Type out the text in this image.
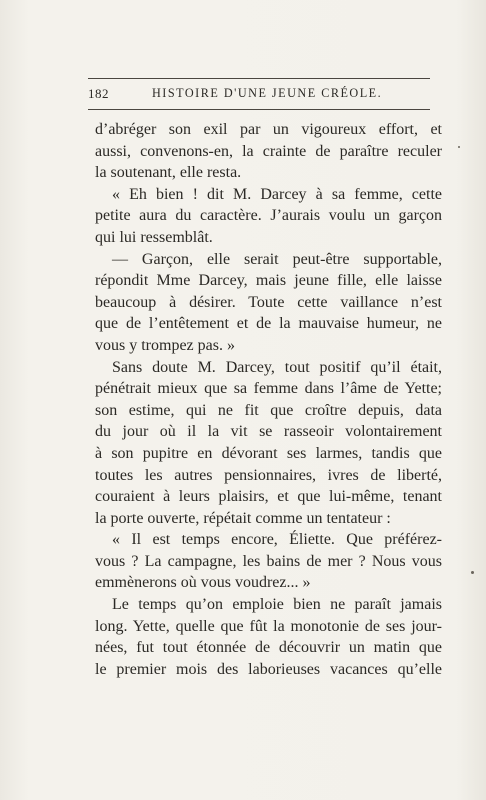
182	HISTOIRE D'UNE JEUNE CRÉOLE.
d’abréger son exil par un vigoureux effort, et
aussi, convenons-en, la crainte de paraître reculer
la soutenant, elle resta.
« Eh bien ! dit M. Darcey à sa femme, cette
petite aura du caractère. J’aurais voulu un garçon
qui lui ressemblât.
— Garçon, elle serait peut-être supportable,
répondit Mme Darcey, mais jeune fille, elle laisse
beaucoup à désirer. Toute cette vaillance n’est
que de l’entêtement et de la mauvaise humeur, ne
vous y trompez pas. »
Sans doute M. Darcey, tout positif qu’il était,
pénétrait mieux que sa femme dans l’âme de Yette;
son estime, qui ne fit que croître depuis, data
du jour où il la vit se rasseoir volontairement
à son pupitre en dévorant ses larmes, tandis que
toutes les autres pensionnaires, ivres de liberté,
couraient à leurs plaisirs, et que lui-même, tenant
la porte ouverte, répétait comme un tentateur :
« Il est temps encore, Éliette. Que préférez-
vous ? La campagne, les bains de mer ? Nous vous
emmènerons où vous voudrez... »
Le temps qu’on emploie bien ne paraît jamais
long. Yette, quelle que fût la monotonie de ses jour-
nées, fut tout étonnée de découvrir un matin que
le premier mois des laborieuses vacances qu’elle
